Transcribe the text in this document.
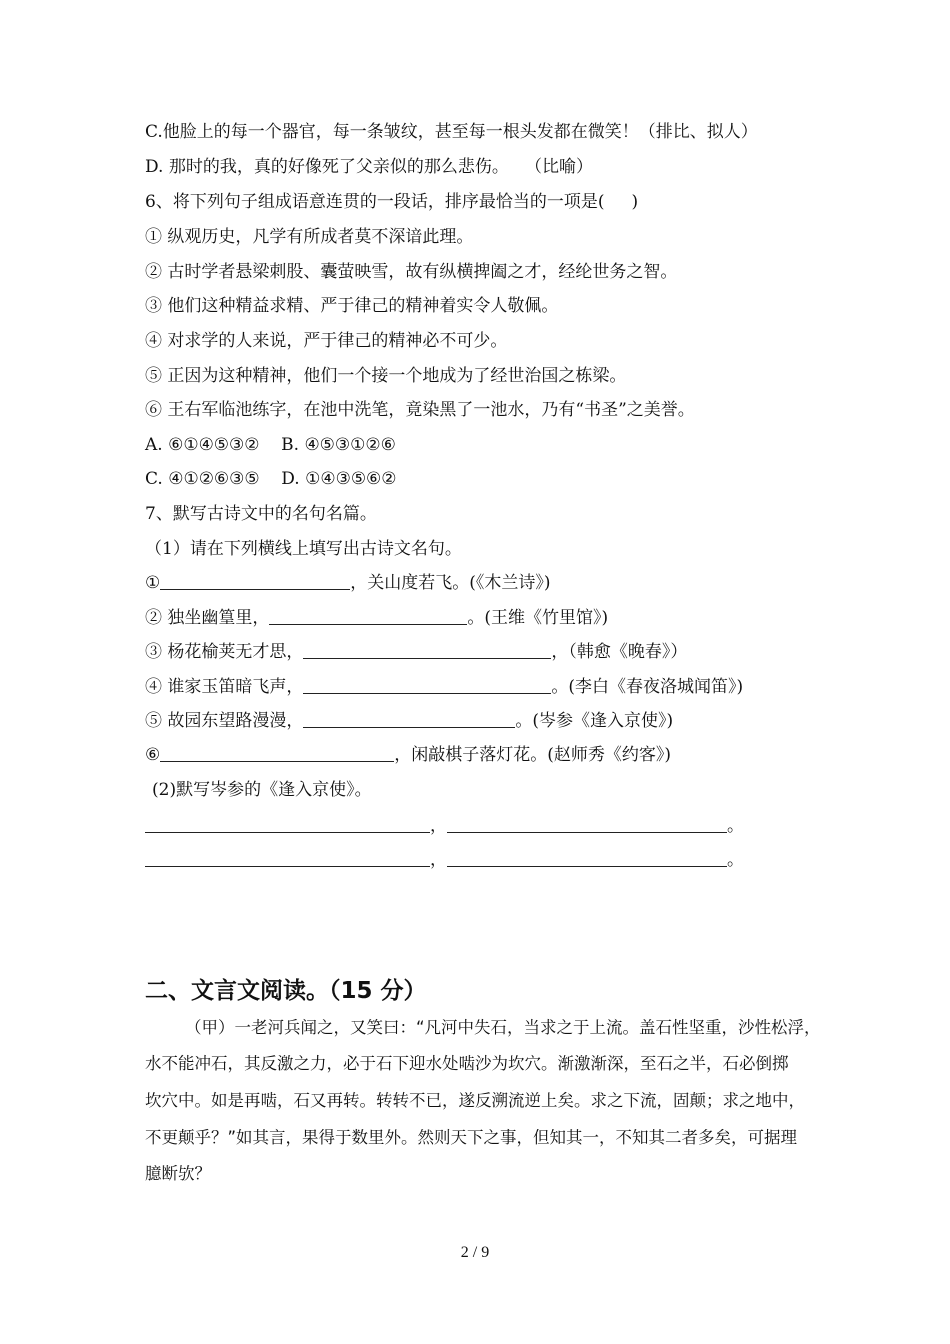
C.他脸上的每一个器官，每一条皱纹，甚至每一根头发都在微笑！（排比、拟人）
D. 那时的我，真的好像死了父亲似的那么悲伤。   （比喻）
6、将下列句子组成语意连贯的一段话，排序最恰当的一项是(     )
① 纵观历史，凡学有所成者莫不深谙此理。
② 古时学者悬梁刺股、囊萤映雪，故有纵横捭阖之才，经纶世务之智。
③ 他们这种精益求精、严于律己的精神着实令人敬佩。
④ 对求学的人来说，严于律己的精神必不可少。
⑤ 正因为这种精神，他们一个接一个地成为了经世治国之栋梁。
⑥ 王右军临池练字，在池中洗笔，竟染黑了一池水，乃有“书圣”之美誉。
A. ⑥①④⑤③②    B. ④⑤③①②⑥
C. ④①②⑥③⑤    D. ①④③⑤⑥②
7、默写古诗文中的名句名篇。
（1）请在下列横线上填写出古诗文名句。
①	，关山度若飞。(《木兰诗》)
② 独坐幽篁里，	。(王维《竹里馆》)
③ 杨花榆荚无才思，	，（韩愈《晚春》）
④ 谁家玉笛暗飞声，	。(李白《春夜洛城闻笛》)
⑤ 故园东望路漫漫，	。(岑参《逢入京使》)
⑥	，闲敲棋子落灯花。(赵师秀《约客》)
(2)默写岑参的《逢入京使》。
，	。
，	。
二、文言文阅读。（15 分）
（甲）一老河兵闻之，又笑曰：“凡河中失石，当求之于上流。盖石性坚重，沙性松浮，
水不能冲石，其反激之力，必于石下迎水处啮沙为坎穴。渐激渐深，至石之半，石必倒掷
坎穴中。如是再啮，石又再转。转转不已，遂反溯流逆上矣。求之下流，固颠；求之地中，
不更颠乎？”如其言，果得于数里外。然则天下之事，但知其一，不知其二者多矣，可据理
臆断欤？
2 / 9
